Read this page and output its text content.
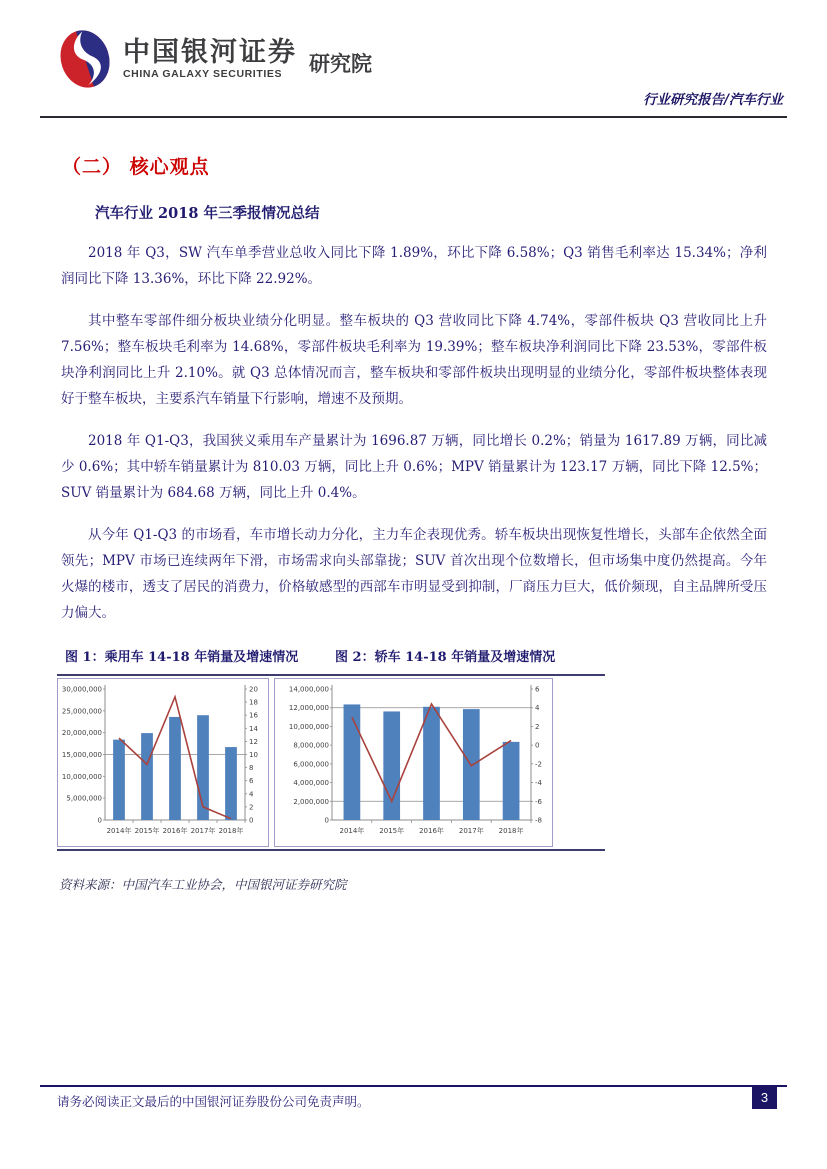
中国银河证券
CHINA GALAXY SECURITIES	研究院
行业研究报告/汽车行业
（二） 核心观点
汽车行业 2018 年三季报情况总结

2018 年 Q3，SW 汽车单季营业总收入同比下降 1.89%，环比下降 6.58%；Q3 销售毛利率达 15.34%；净利润同比下降 13.36%，环比下降 22.92%。

其中整车零部件细分板块业绩分化明显。整车板块的 Q3 营收同比下降 4.74%，零部件板块 Q3 营收同比上升 7.56%；整车板块毛利率为 14.68%，零部件板块毛利率为 19.39%；整车板块净利润同比下降 23.53%，零部件板块净利润同比上升 2.10%。就 Q3 总体情况而言，整车板块和零部件板块出现明显的业绩分化，零部件板块整体表现好于整车板块，主要系汽车销量下行影响，增速不及预期。

2018 年 Q1-Q3，我国狭义乘用车产量累计为 1696.87 万辆，同比增长 0.2%；销量为 1617.89 万辆，同比减少 0.6%；其中轿车销量累计为 810.03 万辆，同比上升 0.6%；MPV 销量累计为 123.17 万辆，同比下降 12.5%；SUV 销量累计为 684.68 万辆，同比上升 0.4%。

从今年 Q1-Q3 的市场看，车市增长动力分化，主力车企表现优秀。轿车板块出现恢复性增长，头部车企依然全面领先；MPV 市场已连续两年下滑，市场需求向头部靠拢；SUV 首次出现个位数增长，但市场集中度仍然提高。今年火爆的楼市，透支了居民的消费力，价格敏感型的西部车市明显受到抑制，厂商压力巨大，低价频现，自主品牌所受压力偏大。

图 1：乘用车 14-18 年销量及增速情况	图 2：轿车 14-18 年销量及增速情况
30,000,000
25,000,000
20,000,000
15,000,000
10,000,000
5,000,000
0
20
18
16
14
12
10
8
6
4
2
0
2014年 2015年 2016年 2017年 2018年
14,000,000
12,000,000
10,000,000
8,000,000
6,000,000
4,000,000
2,000,000
0
6
4
2
0
-2
-4
-6
-8
2014年 2015年 2016年 2017年 2018年
资料来源：中国汽车工业协会，中国银河证券研究院
请务必阅读正文最后的中国银河证券股份公司免责声明。	3
